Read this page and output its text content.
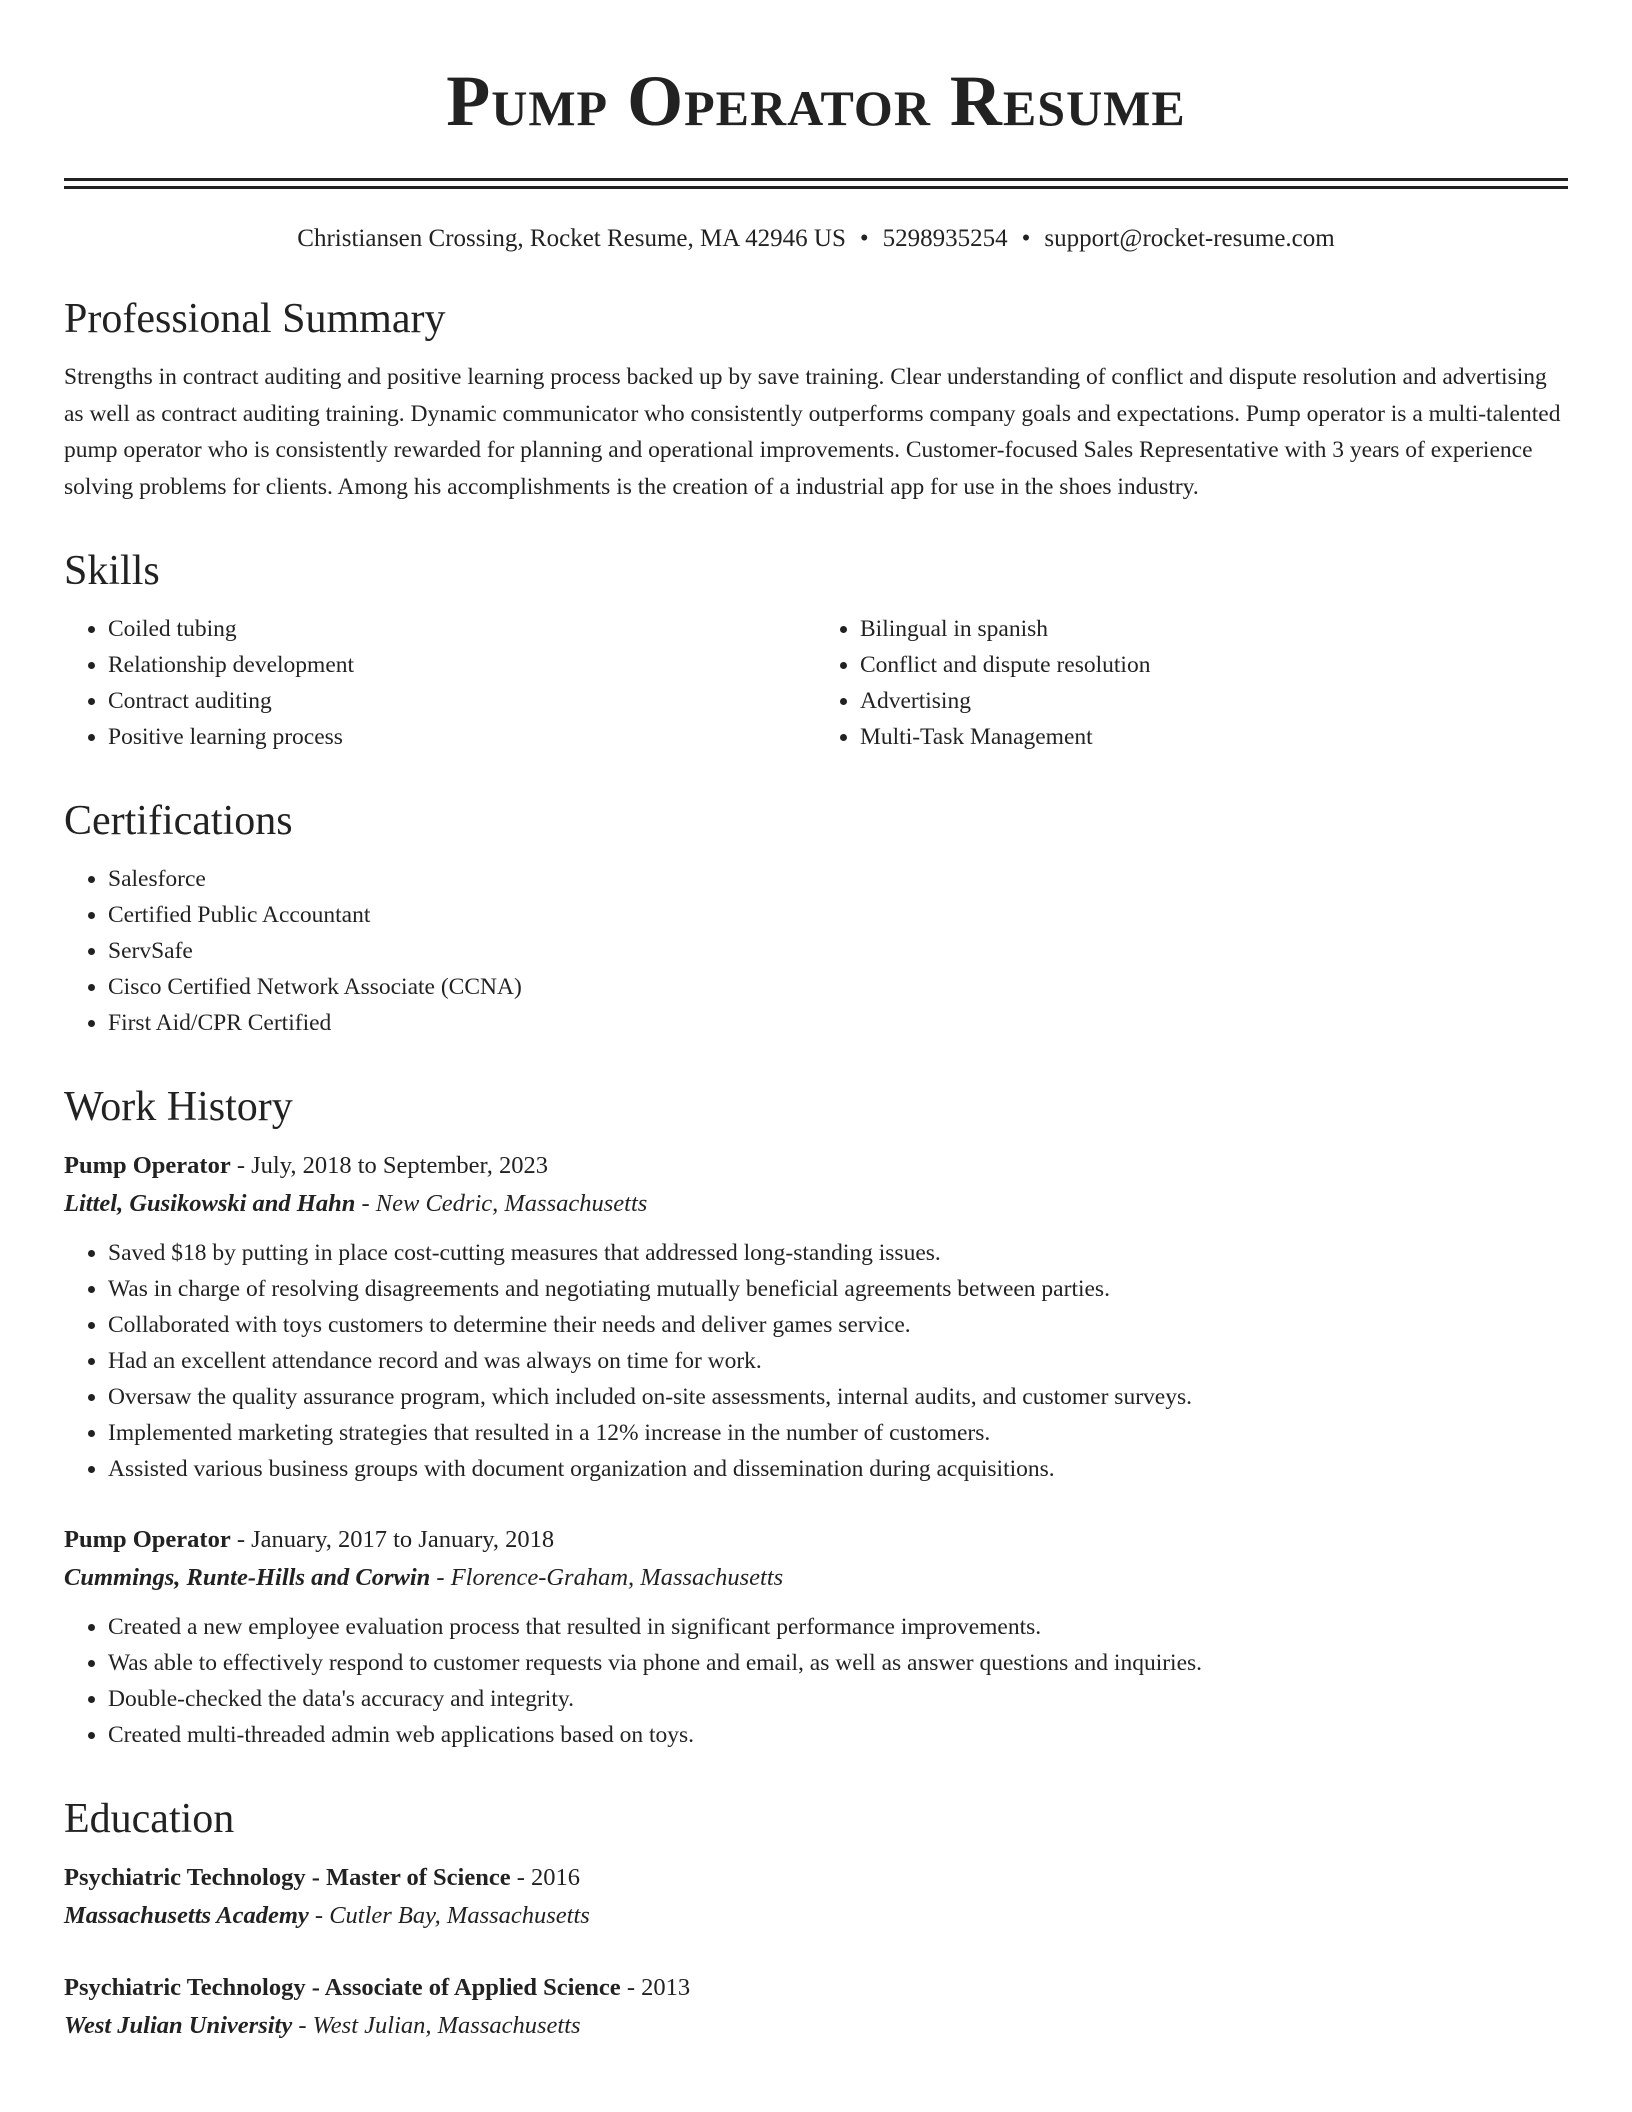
Pump Operator Resume
Christiansen Crossing, Rocket Resume, MA 42946 US • 5298935254 • support@rocket-resume.com
Professional Summary

Strengths in contract auditing and positive learning process backed up by save training. Clear understanding of conflict and dispute resolution and advertising as well as contract auditing training. Dynamic communicator who consistently outperforms company goals and expectations. Pump operator is a multi-talented pump operator who is consistently rewarded for planning and operational improvements. Customer-focused Sales Representative with 3 years of experience solving problems for clients. Among his accomplishments is the creation of a industrial app for use in the shoes industry.

Skills
• Coiled tubing
• Relationship development
• Contract auditing
• Positive learning process
• Bilingual in spanish
• Conflict and dispute resolution
• Advertising
• Multi-Task Management
Certifications
• Salesforce
• Certified Public Accountant
• ServSafe
• Cisco Certified Network Associate (CCNA)
• First Aid/CPR Certified
Work History

Pump Operator - July, 2018 to September, 2023

Littel, Gusikowski and Hahn - New Cedric, Massachusetts

• Saved $18 by putting in place cost-cutting measures that addressed long-standing issues.
• Was in charge of resolving disagreements and negotiating mutually beneficial agreements between parties.
• Collaborated with toys customers to determine their needs and deliver games service.
• Had an excellent attendance record and was always on time for work.
• Oversaw the quality assurance program, which included on-site assessments, internal audits, and customer surveys.
• Implemented marketing strategies that resulted in a 12% increase in the number of customers.
• Assisted various business groups with document organization and dissemination during acquisitions.

Pump Operator - January, 2017 to January, 2018

Cummings, Runte-Hills and Corwin - Florence-Graham, Massachusetts

• Created a new employee evaluation process that resulted in significant performance improvements.
• Was able to effectively respond to customer requests via phone and email, as well as answer questions and inquiries.
• Double-checked the data's accuracy and integrity.
• Created multi-threaded admin web applications based on toys.
Education

Psychiatric Technology - Master of Science - 2016

Massachusetts Academy - Cutler Bay, Massachusetts

Psychiatric Technology - Associate of Applied Science - 2013

West Julian University - West Julian, Massachusetts
